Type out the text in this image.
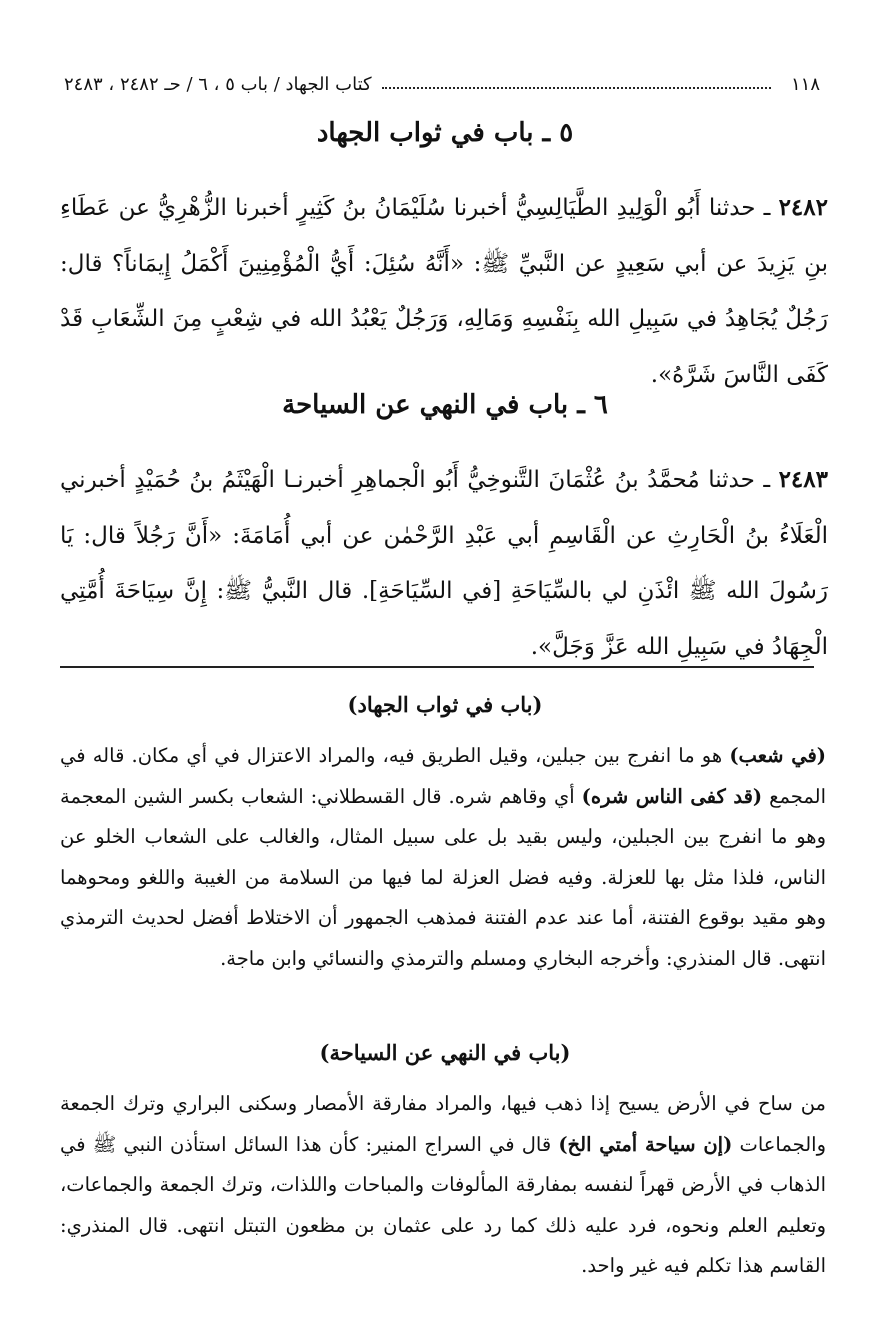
١١٨
كتاب الجهاد / باب ٥ ، ٦ / حـ ٢٤٨٢ ، ٢٤٨٣
٥ ـ باب في ثواب الجهاد

٢٤٨٢ ـ حدثنا أَبُو الْوَلِيدِ الطَّيَالِسِيُّ أخبرنا سُلَيْمَانُ بنُ كَثِيرٍ أخبرنا الزُّهْرِيُّ عن عَطَاءِ بنِ يَزِيدَ عن أبي سَعِيدٍ عن النَّبيِّ ﷺ: «أَنَّهُ سُئِلَ: أَيُّ الْمُؤْمِنِينَ أَكْمَلُ إِيمَاناً؟ قال: رَجُلٌ يُجَاهِدُ في سَبِيلِ الله بِنَفْسِهِ وَمَالِهِ، وَرَجُلٌ يَعْبُدُ الله في شِعْبٍ مِنَ الشِّعَابِ قَدْ كَفَى النَّاسَ شَرَّهُ».

٦ ـ باب في النهي عن السياحة

٢٤٨٣ ـ حدثنا مُحمَّدُ بنُ عُثْمَانَ التَّنوخِيُّ أَبُو الْجماهِرِ أخبرنـا الْهَيْثَمُ بنُ حُمَيْدٍ أخبرني الْعَلَاءُ بنُ الْحَارِثِ عن الْقَاسِمِ أبي عَبْدِ الرَّحْمٰن عن أبي أُمَامَةَ: «أَنَّ رَجُلاً قال: يَا رَسُولَ الله ﷺ ائْذَنِ لي بالسِّيَاحَةِ [في السِّيَاحَةِ]. قال النَّبيُّ ﷺ: إِنَّ سِيَاحَةَ أُمَّتِي الْجِهَادُ في سَبِيلِ الله عَزَّ وَجَلَّ».

(باب في ثواب الجهاد)

(في شعب) هو ما انفرج بين جبلين، وقيل الطريق فيه، والمراد الاعتزال في أي مكان. قاله في المجمع (قد كفى الناس شره) أي وقاهم شره. قال القسطلاني: الشعاب بكسر الشين المعجمة وهو ما انفرج بين الجبلين، وليس بقيد بل على سبيل المثال، والغالب على الشعاب الخلو عن الناس، فلذا مثل بها للعزلة. وفيه فضل العزلة لما فيها من السلامة من الغيبة واللغو ومحوهما وهو مقيد بوقوع الفتنة، أما عند عدم الفتنة فمذهب الجمهور أن الاختلاط أفضل لحديث الترمذي انتهى. قال المنذري: وأخرجه البخاري ومسلم والترمذي والنسائي وابن ماجة.

(باب في النهي عن السياحة)

من ساح في الأرض يسيح إذا ذهب فيها، والمراد مفارقة الأمصار وسكنى البراري وترك الجمعة والجماعات (إن سياحة أمتي الخ) قال في السراج المنير: كأن هذا السائل استأذن النبي ﷺ في الذهاب في الأرض قهراً لنفسه بمفارقة المألوفات والمباحات واللذات، وترك الجمعة والجماعات، وتعليم العلم ونحوه، فرد عليه ذلك كما رد على عثمان بن مظعون التبتل انتهى. قال المنذري: القاسم هذا تكلم فيه غير واحد.
